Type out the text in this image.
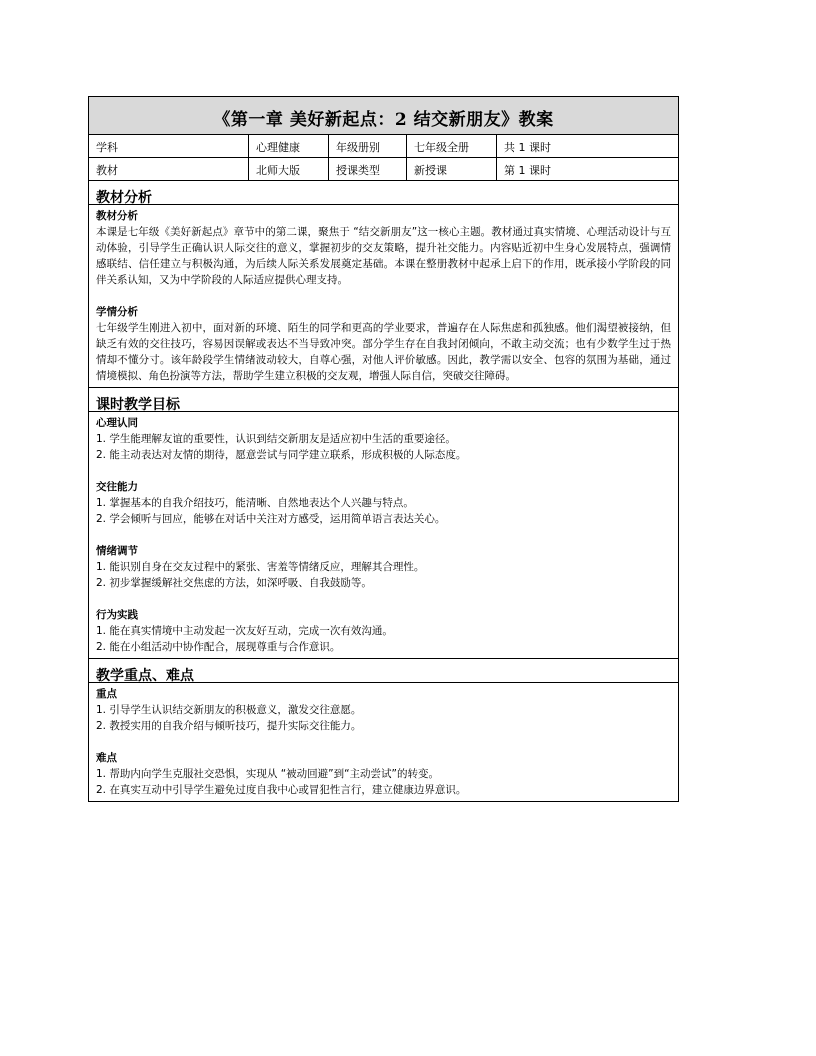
《第一章 美好新起点：2 结交新朋友》教案
学科	心理健康	年级册别	七年级全册	共 1 课时
教材	北师大版	授课类型	新授课	第 1 课时
教材分析
教材分析
本课是七年级《美好新起点》章节中的第二课，聚焦于 “结交新朋友”这一核心主题。教材通过真实情境、心理活动设计与互动体验，引导学生正确认识人际交往的意义，掌握初步的交友策略，提升社交能力。内容贴近初中生身心发展特点，强调情感联结、信任建立与积极沟通，为后续人际关系发展奠定基础。本课在整册教材中起承上启下的作用，既承接小学阶段的同伴关系认知，又为中学阶段的人际适应提供心理支持。
学情分析
七年级学生刚进入初中，面对新的环境、陌生的同学和更高的学业要求，普遍存在人际焦虑和孤独感。他们渴望被接纳，但缺乏有效的交往技巧，容易因误解或表达不当导致冲突。部分学生存在自我封闭倾向，不敢主动交流；也有少数学生过于热情却不懂分寸。该年龄段学生情绪波动较大，自尊心强，对他人评价敏感。因此，教学需以安全、包容的氛围为基础，通过情境模拟、角色扮演等方法，帮助学生建立积极的交友观，增强人际自信，突破交往障碍。
课时教学目标
心理认同
1. 学生能理解友谊的重要性，认识到结交新朋友是适应初中生活的重要途径。
2. 能主动表达对友情的期待，愿意尝试与同学建立联系，形成积极的人际态度。
交往能力
1. 掌握基本的自我介绍技巧，能清晰、自然地表达个人兴趣与特点。
2. 学会倾听与回应，能够在对话中关注对方感受，运用简单语言表达关心。
情绪调节
1. 能识别自身在交友过程中的紧张、害羞等情绪反应，理解其合理性。
2. 初步掌握缓解社交焦虑的方法，如深呼吸、自我鼓励等。
行为实践
1. 能在真实情境中主动发起一次友好互动，完成一次有效沟通。
2. 能在小组活动中协作配合，展现尊重与合作意识。
教学重点、难点
重点
1. 引导学生认识结交新朋友的积极意义，激发交往意愿。
2. 教授实用的自我介绍与倾听技巧，提升实际交往能力。
难点
1. 帮助内向学生克服社交恐惧，实现从 “被动回避”到“主动尝试”的转变。
2. 在真实互动中引导学生避免过度自我中心或冒犯性言行，建立健康边界意识。
